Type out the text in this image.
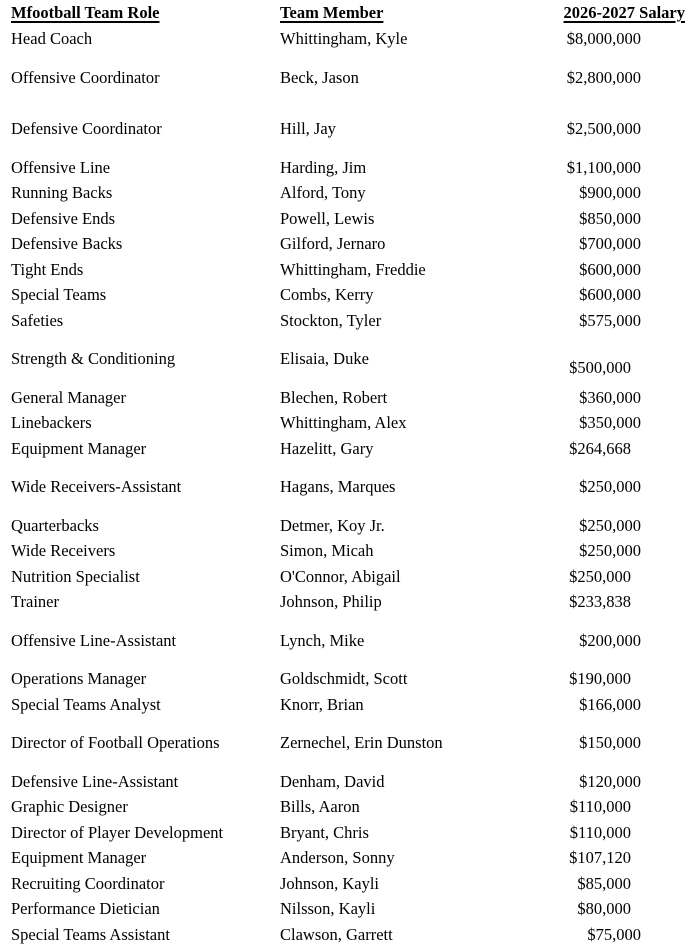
Mfootball Team Role	Team Member	2026-2027 Salary
Head Coach	Whittingham, Kyle	$8,000,000
Offensive Coordinator	Beck, Jason	$2,800,000
Defensive Coordinator	Hill, Jay	$2,500,000
Offensive Line	Harding, Jim	$1,100,000
Running Backs	Alford, Tony	$900,000
Defensive Ends	Powell, Lewis	$850,000
Defensive Backs	Gilford, Jernaro	$700,000
Tight Ends	Whittingham, Freddie	$600,000
Special Teams	Combs, Kerry	$600,000
Safeties	Stockton, Tyler	$575,000
Strength & Conditioning	Elisaia, Duke	$500,000
General Manager	Blechen, Robert	$360,000
Linebackers	Whittingham, Alex	$350,000
Equipment Manager	Hazelitt, Gary	$264,668
Wide Receivers-Assistant	Hagans, Marques	$250,000
Quarterbacks	Detmer, Koy Jr.	$250,000
Wide Receivers	Simon, Micah	$250,000
Nutrition Specialist	O'Connor, Abigail	$250,000
Trainer	Johnson, Philip	$233,838
Offensive Line-Assistant	Lynch, Mike	$200,000
Operations Manager	Goldschmidt, Scott	$190,000
Special Teams Analyst	Knorr, Brian	$166,000
Director of Football Operations	Zernechel, Erin Dunston	$150,000
Defensive Line-Assistant	Denham, David	$120,000
Graphic Designer	Bills, Aaron	$110,000
Director of Player Development	Bryant, Chris	$110,000
Equipment Manager	Anderson, Sonny	$107,120
Recruiting Coordinator	Johnson, Kayli	$85,000
Performance Dietician	Nilsson, Kayli	$80,000
Special Teams Assistant	Clawson, Garrett	$75,000
